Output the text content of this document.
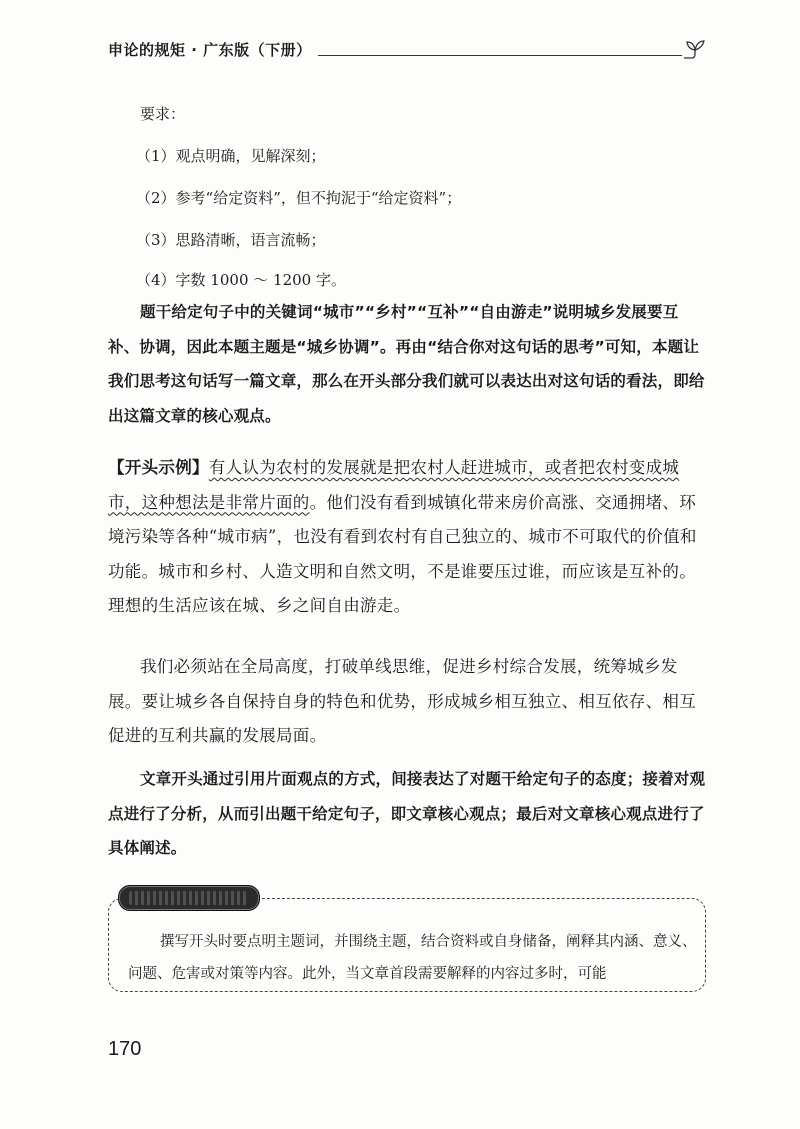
申论的规矩 · 广东版（下册）
要求：
（1）观点明确，见解深刻；
（2）参考“给定资料”，但不拘泥于“给定资料”；
（3）思路清晰，语言流畅；
（4）字数 1000 ～ 1200 字。
题干给定句子中的关键词“城市”“乡村”“互补”“自由游走”说明城乡发展要互补、协调，因此本题主题是“城乡协调”。再由“结合你对这句话的思考”可知，本题让我们思考这句话写一篇文章，那么在开头部分我们就可以表达出对这句话的看法，即给出这篇文章的核心观点。
【开头示例】有人认为农村的发展就是把农村人赶进城市，或者把农村变成城市，这种想法是非常片面的。他们没有看到城镇化带来房价高涨、交通拥堵、环境污染等各种“城市病”，也没有看到农村有自己独立的、城市不可取代的价值和功能。城市和乡村、人造文明和自然文明，不是谁要压过谁，而应该是互补的。理想的生活应该在城、乡之间自由游走。
我们必须站在全局高度，打破单线思维，促进乡村综合发展，统筹城乡发展。要让城乡各自保持自身的特色和优势，形成城乡相互独立、相互依存、相互促进的互利共赢的发展局面。
文章开头通过引用片面观点的方式，间接表达了对题干给定句子的态度；接着对观点进行了分析，从而引出题干给定句子，即文章核心观点；最后对文章核心观点进行了具体阐述。
撰写开头时要点明主题词，并围绕主题，结合资料或自身储备，阐释其内涵、意义、问题、危害或对策等内容。此外，当文章首段需要解释的内容过多时，可能
170
